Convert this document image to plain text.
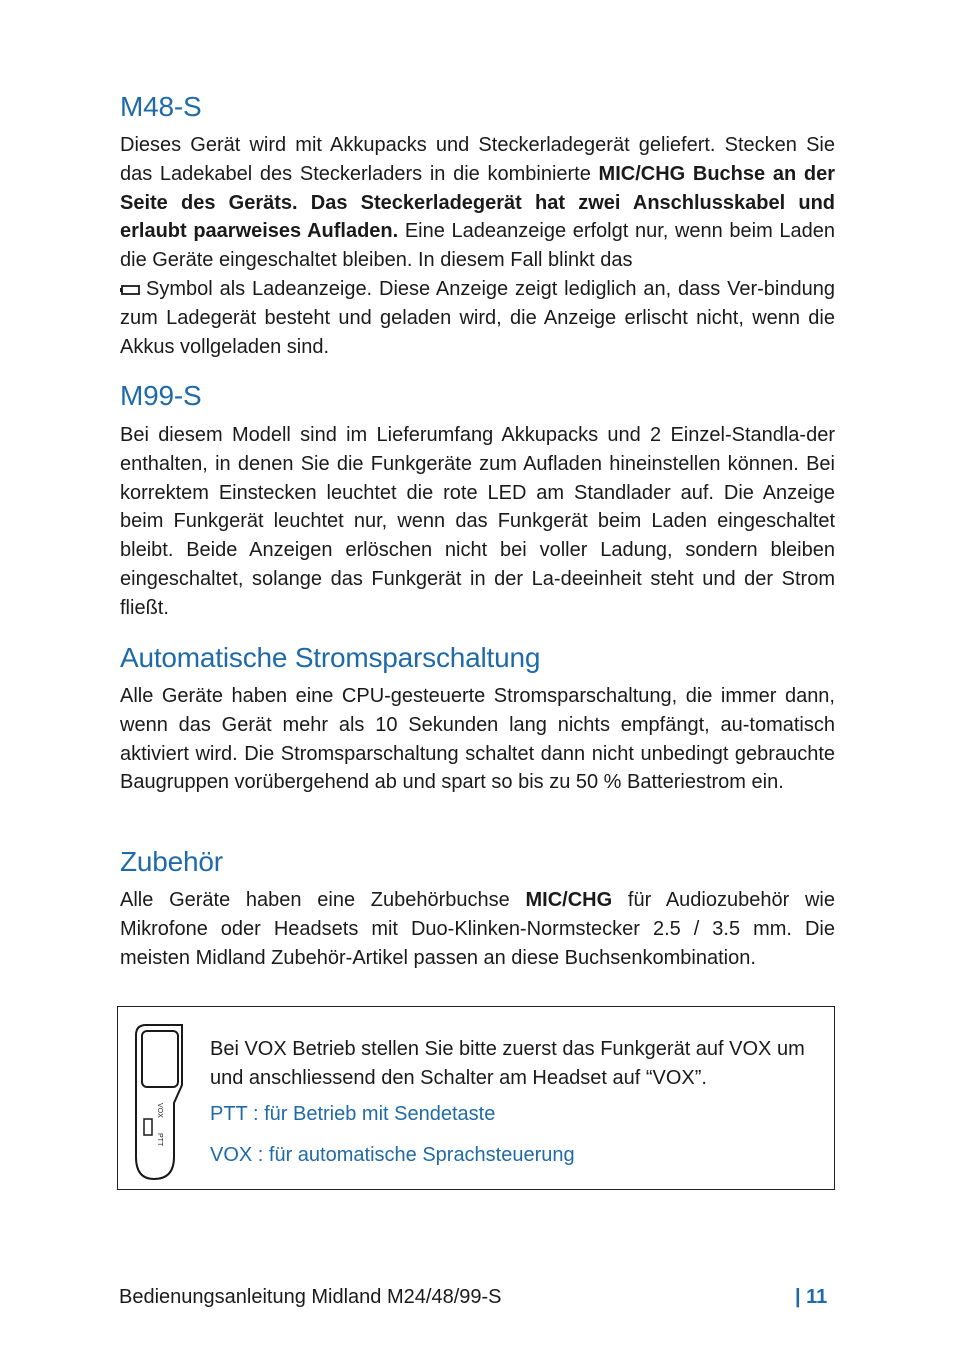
M48-S

Dieses Gerät wird mit Akkupacks und Steckerladegerät geliefert. Stecken Sie das Ladekabel des Steckerladers in die kombinierte MIC/CHG Buchse an der Seite des Geräts. Das Steckerladegerät hat zwei Anschlusskabel und erlaubt paarweises Aufladen. Eine Ladeanzeige erfolgt nur, wenn beim Laden die Geräte eingeschaltet bleiben. In diesem Fall blinkt das
Symbol als Ladeanzeige. Diese Anzeige zeigt lediglich an, dass Ver-bindung zum Ladegerät besteht und geladen wird, die Anzeige erlischt nicht, wenn die Akkus vollgeladen sind.

M99-S

Bei diesem Modell sind im Lieferumfang Akkupacks und 2 Einzel-Standla-der enthalten, in denen Sie die Funkgeräte zum Aufladen hineinstellen können. Bei korrektem Einstecken leuchtet die rote LED am Standlader auf. Die Anzeige beim Funkgerät leuchtet nur, wenn das Funkgerät beim Laden eingeschaltet bleibt. Beide Anzeigen erlöschen nicht bei voller Ladung, sondern bleiben eingeschaltet, solange das Funkgerät in der La-deeinheit steht und der Strom fließt.

Automatische Stromsparschaltung

Alle Geräte haben eine CPU-gesteuerte Stromsparschaltung, die immer dann, wenn das Gerät mehr als 10 Sekunden lang nichts empfängt, au-tomatisch aktiviert wird. Die Stromsparschaltung schaltet dann nicht unbedingt gebrauchte Baugruppen vorübergehend ab und spart so bis zu 50 % Batteriestrom ein.

Zubehör

Alle Geräte haben eine Zubehörbuchse MIC/CHG für Audiozubehör wie Mikrofone oder Headsets mit Duo-Klinken-Normstecker 2.5 / 3.5 mm. Die meisten Midland Zubehör-Artikel passen an diese Buchsenkombination.

VOX
PTT
Bei VOX Betrieb stellen Sie bitte zuerst das Funkgerät auf VOX um und anschliessend den Schalter am Headset auf “VOX”.
PTT : für Betrieb mit Sendetaste
VOX : für automatische Sprachsteuerung
Bedienungsanleitung Midland M24/48/99-S	| 11
